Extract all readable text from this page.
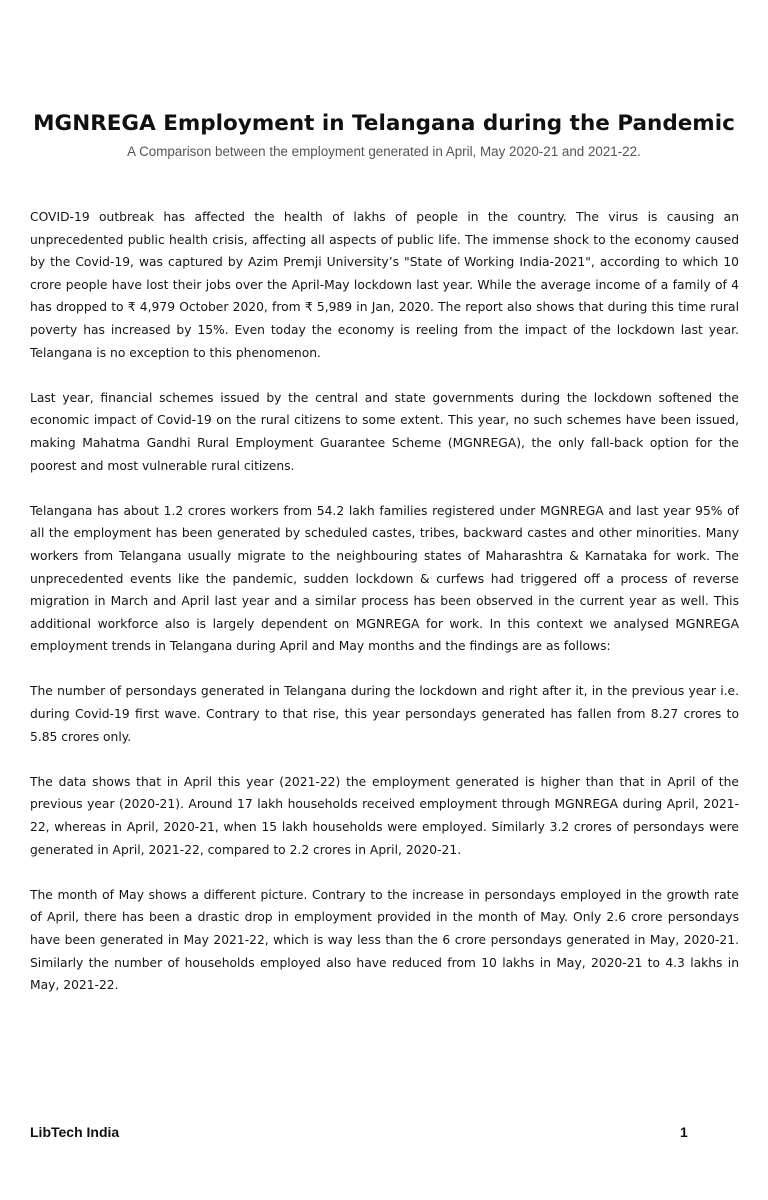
MGNREGA Employment in Telangana during the Pandemic
A Comparison between the employment generated in April, May 2020-21 and 2021-22.

COVID-19 outbreak has affected the health of lakhs of people in the country. The virus is causing an unprecedented public health crisis, affecting all aspects of public life. The immense shock to the economy caused by the Covid-19, was captured by Azim Premji University’s "State of Working India-2021", according to which 10 crore people have lost their jobs over the April-May lockdown last year. While the average income of a family of 4 has dropped to ₹ 4,979 October 2020, from ₹ 5,989 in Jan, 2020. The report also shows that during this time rural poverty has increased by 15%. Even today the economy is reeling from the impact of the lockdown last year. Telangana is no exception to this phenomenon.

Last year, financial schemes issued by the central and state governments during the lockdown softened the economic impact of Covid-19 on the rural citizens to some extent. This year, no such schemes have been issued, making Mahatma Gandhi Rural Employment Guarantee Scheme (MGNREGA), the only fall-back option for the poorest and most vulnerable rural citizens.

Telangana has about 1.2 crores workers from 54.2 lakh families registered under MGNREGA and last year 95% of all the employment has been generated by scheduled castes, tribes, backward castes and other minorities. Many workers from Telangana usually migrate to the neighbouring states of Maharashtra & Karnataka for work. The unprecedented events like the pandemic, sudden lockdown & curfews had triggered off a process of reverse migration in March and April last year and a similar process has been observed in the current year as well. This additional workforce also is largely dependent on MGNREGA for work. In this context we analysed MGNREGA employment trends in Telangana during April and May months and the findings are as follows:

The number of persondays generated in Telangana during the lockdown and right after it, in the previous year i.e. during Covid-19 first wave. Contrary to that rise, this year persondays generated has fallen from 8.27 crores to 5.85 crores only.

The data shows that in April this year (2021-22) the employment generated is higher than that in April of the previous year (2020-21). Around 17 lakh households received employment through MGNREGA during April, 2021-22, whereas in April, 2020-21, when 15 lakh households were employed. Similarly 3.2 crores of persondays were generated in April, 2021-22, compared to 2.2 crores in April, 2020-21.

The month of May shows a different picture. Contrary to the increase in persondays employed in the growth rate of April, there has been a drastic drop in employment provided in the month of May. Only 2.6 crore persondays have been generated in May 2021-22, which is way less than the 6 crore persondays generated in May, 2020-21. Similarly the number of households employed also have reduced from 10 lakhs in May, 2020-21 to 4.3 lakhs in May, 2021-22.

LibTech India	1
